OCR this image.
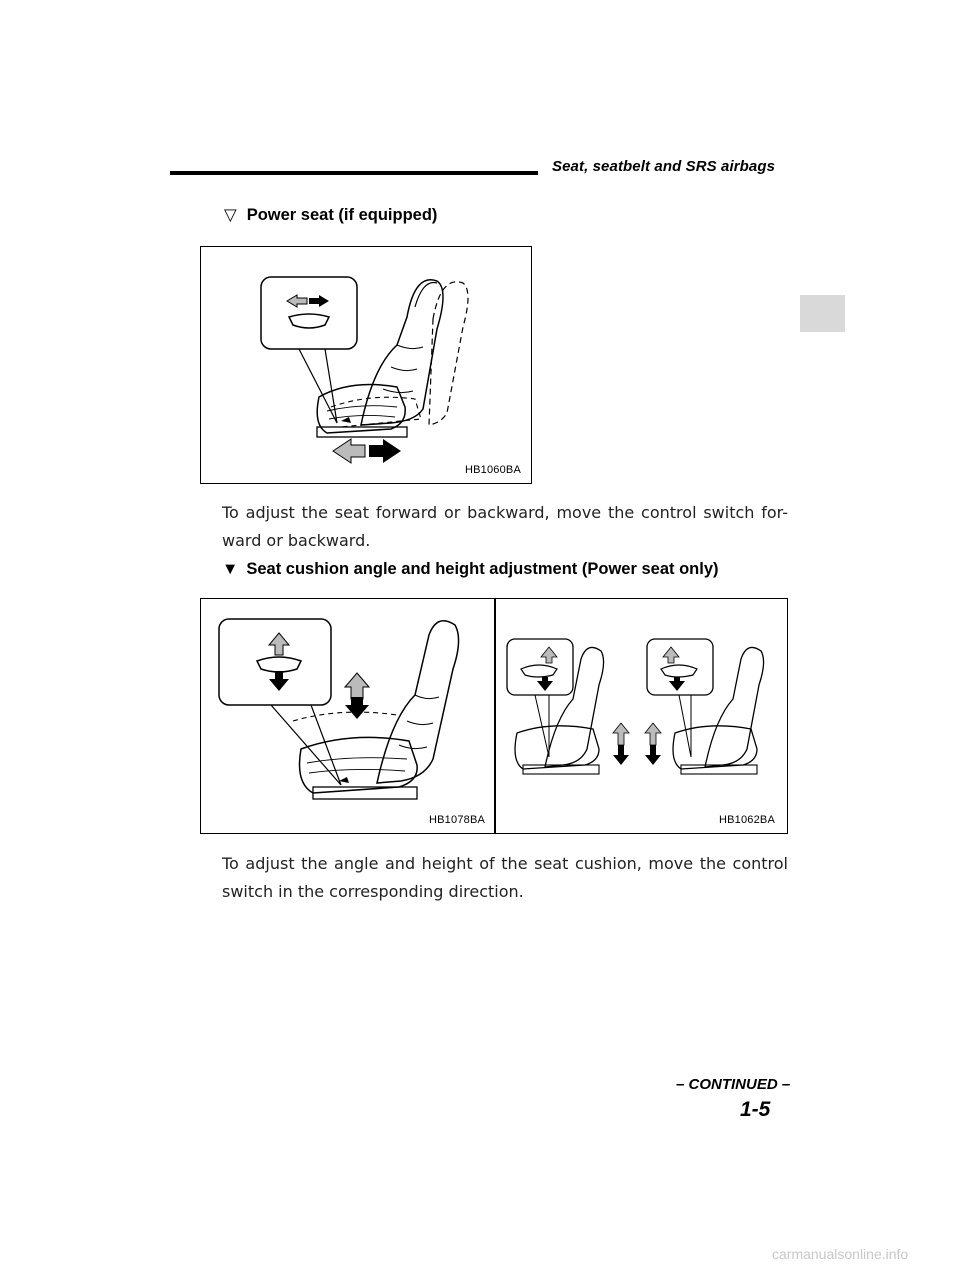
Seat, seatbelt and SRS airbags
▽ Power seat (if equipped)
HB1060BA
To adjust the seat forward or backward, move the control switch for-ward or backward.
▼ Seat cushion angle and height adjustment (Power seat only)
HB1078BA	HB1062BA
To adjust the angle and height of the seat cushion, move the control switch in the corresponding direction.
– CONTINUED –
1-5
carmanualsonline.info
